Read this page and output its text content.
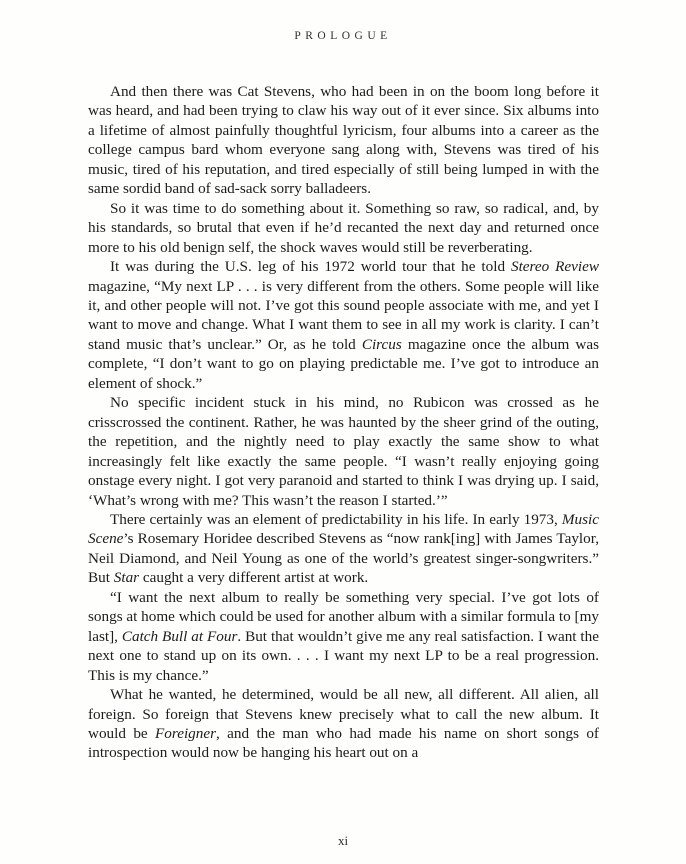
PROLOGUE

And then there was Cat Stevens, who had been in on the boom long before it was heard, and had been trying to claw his way out of it ever since. Six albums into a lifetime of almost painfully thoughtful lyricism, four albums into a career as the college campus bard whom everyone sang along with, Stevens was tired of his music, tired of his reputation, and tired especially of still being lumped in with the same sordid band of sad-sack sorry balladeers.

So it was time to do something about it. Something so raw, so radical, and, by his standards, so brutal that even if he’d recanted the next day and returned once more to his old benign self, the shock waves would still be reverberating.

It was during the U.S. leg of his 1972 world tour that he told Stereo Review magazine, “My next LP . . . is very different from the others. Some people will like it, and other people will not. I’ve got this sound people associate with me, and yet I want to move and change. What I want them to see in all my work is clarity. I can’t stand music that’s unclear.” Or, as he told Circus magazine once the album was complete, “I don’t want to go on playing predictable me. I’ve got to introduce an element of shock.”

No specific incident stuck in his mind, no Rubicon was crossed as he crisscrossed the continent. Rather, he was haunted by the sheer grind of the outing, the repetition, and the nightly need to play exactly the same show to what increasingly felt like exactly the same people. “I wasn’t really enjoying going onstage every night. I got very paranoid and started to think I was drying up. I said, ‘What’s wrong with me? This wasn’t the reason I started.’”

There certainly was an element of predictability in his life. In early 1973, Music Scene’s Rosemary Horidee described Stevens as “now rank[ing] with James Taylor, Neil Diamond, and Neil Young as one of the world’s greatest singer-songwriters.” But Star caught a very different artist at work.

“I want the next album to really be something very special. I’ve got lots of songs at home which could be used for another album with a similar formula to [my last], Catch Bull at Four. But that wouldn’t give me any real satisfaction. I want the next one to stand up on its own. . . . I want my next LP to be a real progression. This is my chance.”

What he wanted, he determined, would be all new, all different. All alien, all foreign. So foreign that Stevens knew precisely what to call the new album. It would be Foreigner, and the man who had made his name on short songs of introspection would now be hanging his heart out on a

xi
